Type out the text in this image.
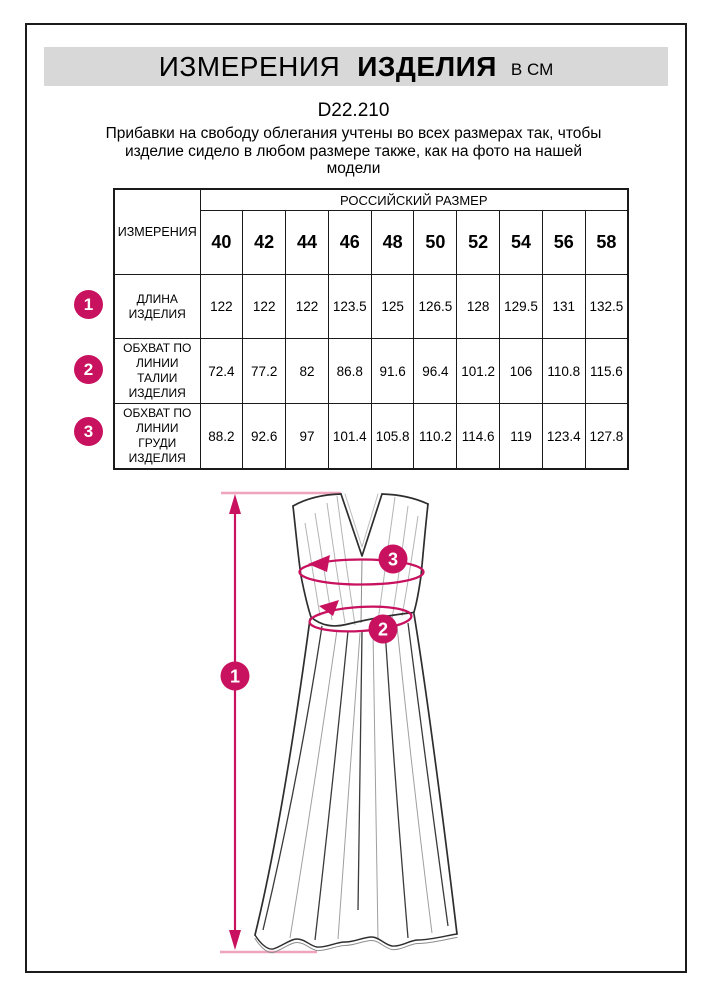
ИЗМЕРЕНИЯ ИЗДЕЛИЯ В СМ
D22.210
Прибавки на свободу облегания учтены во всех размерах так, чтобы
изделие сидело в любом размере также, как на фото на нашей
модели
ИЗМЕРЕНИЯ	РОССИЙСКИЙ РАЗМЕР									
	40	42	44	46	48	50	52	54	56	58
ДЛИНА ИЗДЕЛИЯ	122	122	122	123.5	125	126.5	128	129.5	131	132.5
ОБХВАТ ПО ЛИНИИ ТАЛИИ ИЗДЕЛИЯ	72.4	77.2	82	86.8	91.6	96.4	101.2	106	110.8	115.6
ОБХВАТ ПО ЛИНИИ ГРУДИ ИЗДЕЛИЯ	88.2	92.6	97	101.4	105.8	110.2	114.6	119	123.4	127.8
1
2
3
1
2
3
